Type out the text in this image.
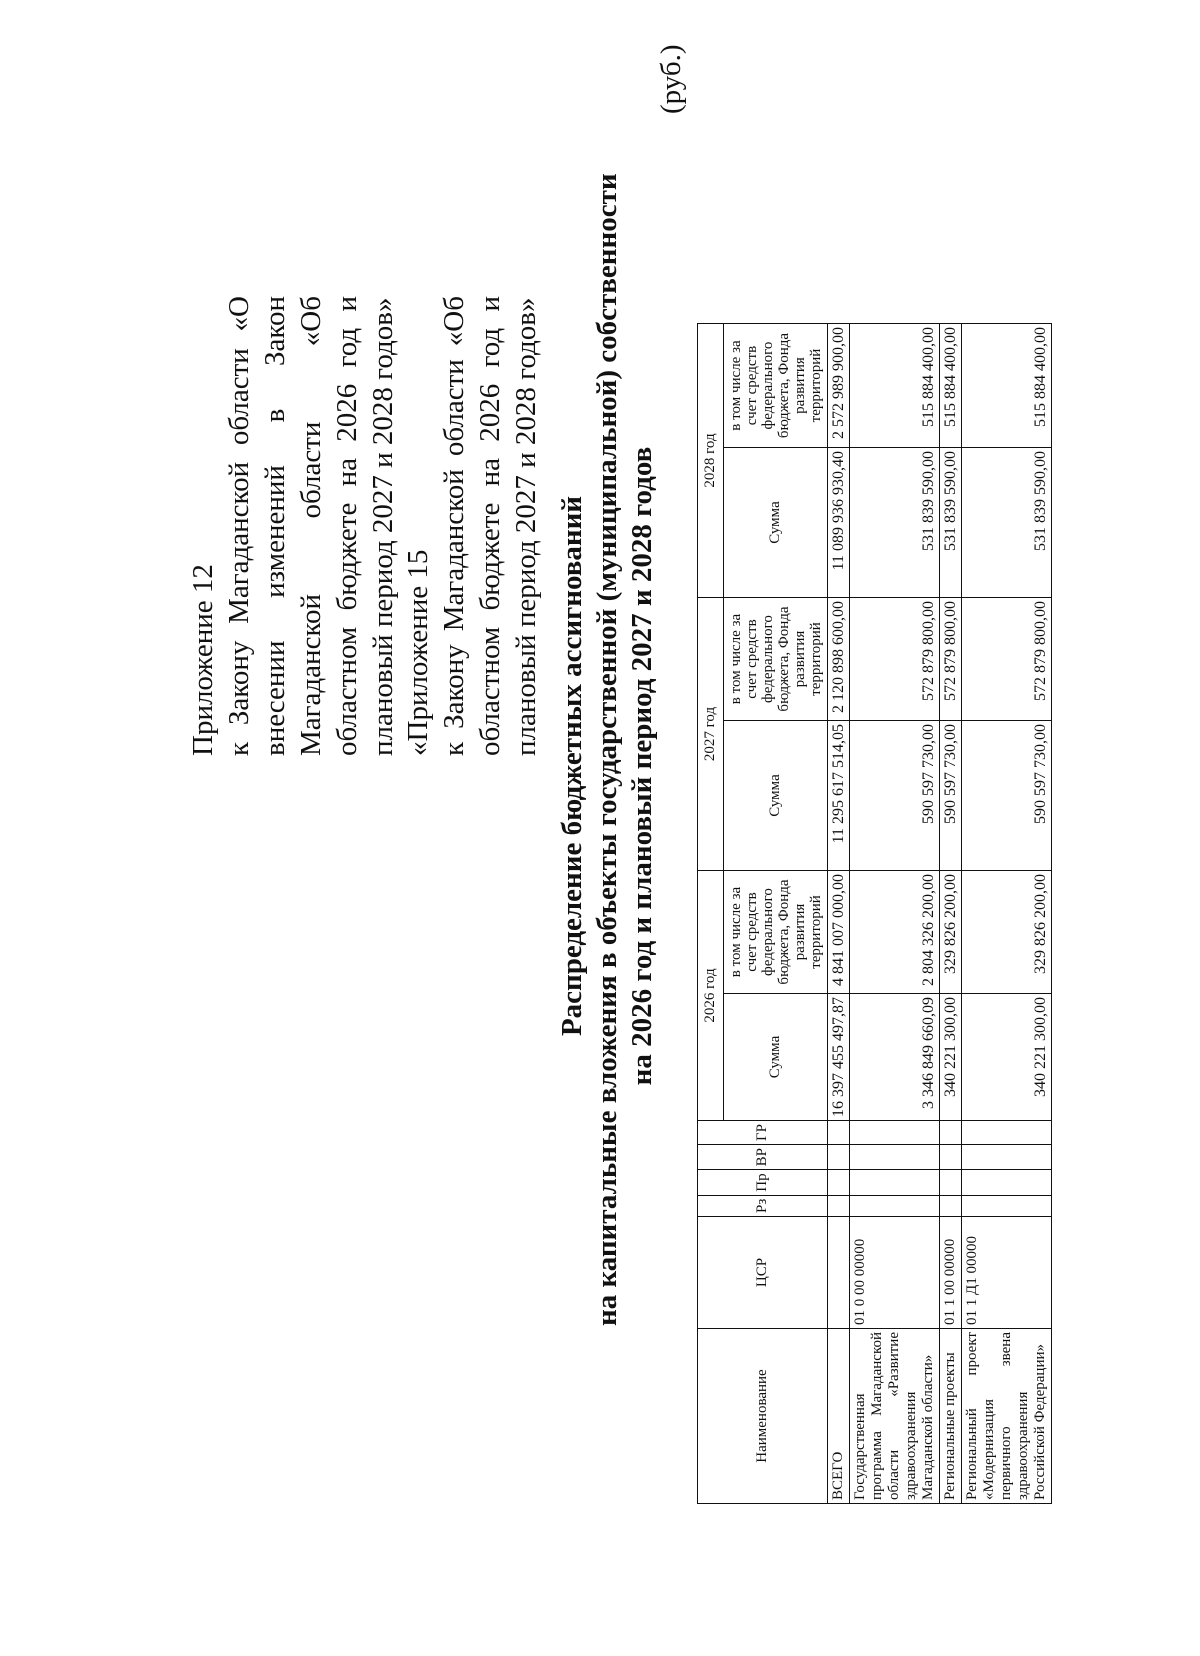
Приложение 12 к Закону Магаданской области «О внесении изменений в Закон Магаданской области «Об областном бюджете на 2026 год и плановый период 2027 и 2028 годов» «Приложение 15 к Закону Магаданской области «Об областном бюджете на 2026 год и плановый период 2027 и 2028 годов» Распределение бюджетных ассигнований на капитальные вложения в объекты государственной (муниципальной) собственности на 2026 год и плановый период 2027 и 2028 годов
(руб.)
Наименование	ЦСР	Рз	Пр	ВР	ГР	2026 год		2027 год		2028 год	
						Сумма	в том числе за счет средств федерального бюджета, Фонда развития территорий	Сумма	в том числе за счет средств федерального бюджета, Фонда развития территорий	Сумма	в том числе за счет средств федерального бюджета, Фонда развития территорий
ВСЕГО						16 397 455 497,87	4 841 007 000,00	11 295 617 514,05	2 120 898 600,00	11 089 936 930,40	2 572 989 900,00
Государственная программа Магаданской области «Развитие здравоохранения Магаданской области»	01 0 00 00000					3 346 849 660,09	2 804 326 200,00	590 597 730,00	572 879 800,00	531 839 590,00	515 884 400,00
Региональные проекты	01 1 00 00000					340 221 300,00	329 826 200,00	590 597 730,00	572 879 800,00	531 839 590,00	515 884 400,00
Региональный проект «Модернизация первичного звена здравоохранения Российской Федерации»	01 1 Д1 00000					340 221 300,00	329 826 200,00	590 597 730,00	572 879 800,00	531 839 590,00	515 884 400,00
